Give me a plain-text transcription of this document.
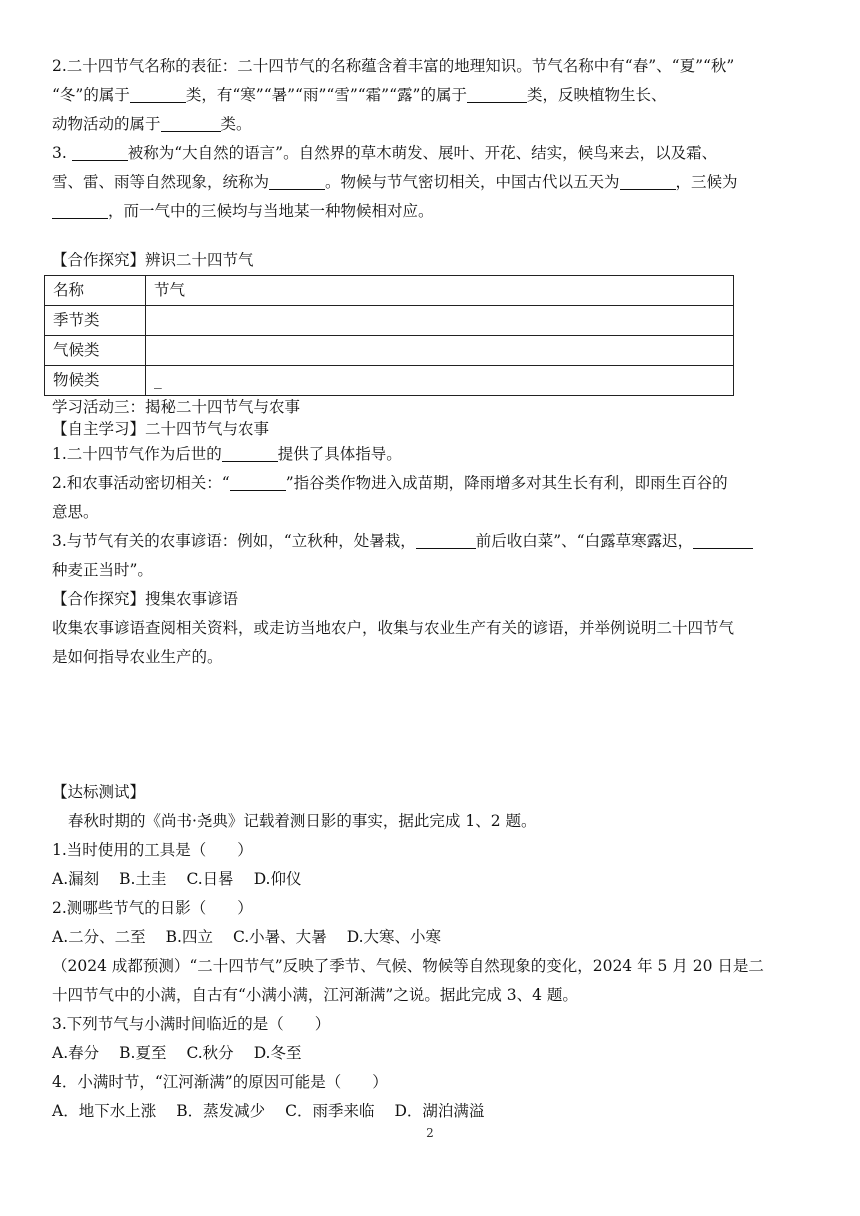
2.二十四节气名称的表征：二十四节气的名称蕴含着丰富的地理知识。节气名称中有“春”、“夏”“秋”

“冬”的属于	类，有“寒”“暑”“雨”“雪”“霜”“露”的属于	类，反映植物生长、

动物活动的属于	类。

3.	被称为“大自然的语言”。自然界的草木萌发、展叶、开花、结实，候鸟来去，以及霜、

雪、雷、雨等自然现象，统称为	。物候与节气密切相关，中国古代以五天为	，三候为

，而一气中的三候均与当地某一种物候相对应。

【合作探究】辨识二十四节气

名称	节气
季节类	
气候类	
物候类	_

学习活动三：揭秘二十四节气与农事

【自主学习】二十四节气与农事

1.二十四节气作为后世的	提供了具体指导。

2.和农事活动密切相关：“	”指谷类作物进入成苗期，降雨增多对其生长有利，即雨生百谷的

意思。

3.与节气有关的农事谚语：例如，“立秋种，处暑栽，	前后收白菜”、“白露草寒露迟，

种麦正当时”。

【合作探究】搜集农事谚语

收集农事谚语查阅相关资料，或走访当地农户，收集与农业生产有关的谚语，并举例说明二十四节气

是如何指导农业生产的。

【达标测试】

春秋时期的《尚书·尧典》记载着测日影的事实，据此完成 1、2 题。

1.当时使用的工具是（　　）

A.漏刻 B.土圭 C.日晷 D.仰仪

2.测哪些节气的日影（　　）

A.二分、二至 B.四立 C.小暑、大暑 D.大寒、小寒

（2024 成都预测）“二十四节气”反映了季节、气候、物候等自然现象的变化，2024 年 5 月 20 日是二

十四节气中的小满，自古有“小满小满，江河渐满”之说。据此完成 3、4 题。

3.下列节气与小满时间临近的是（　　）

A.春分 B.夏至 C.秋分 D.冬至

4．小满时节，“江河渐满”的原因可能是（　　）

A．地下水上涨 B．蒸发减少 C．雨季来临 D．湖泊满溢

2
